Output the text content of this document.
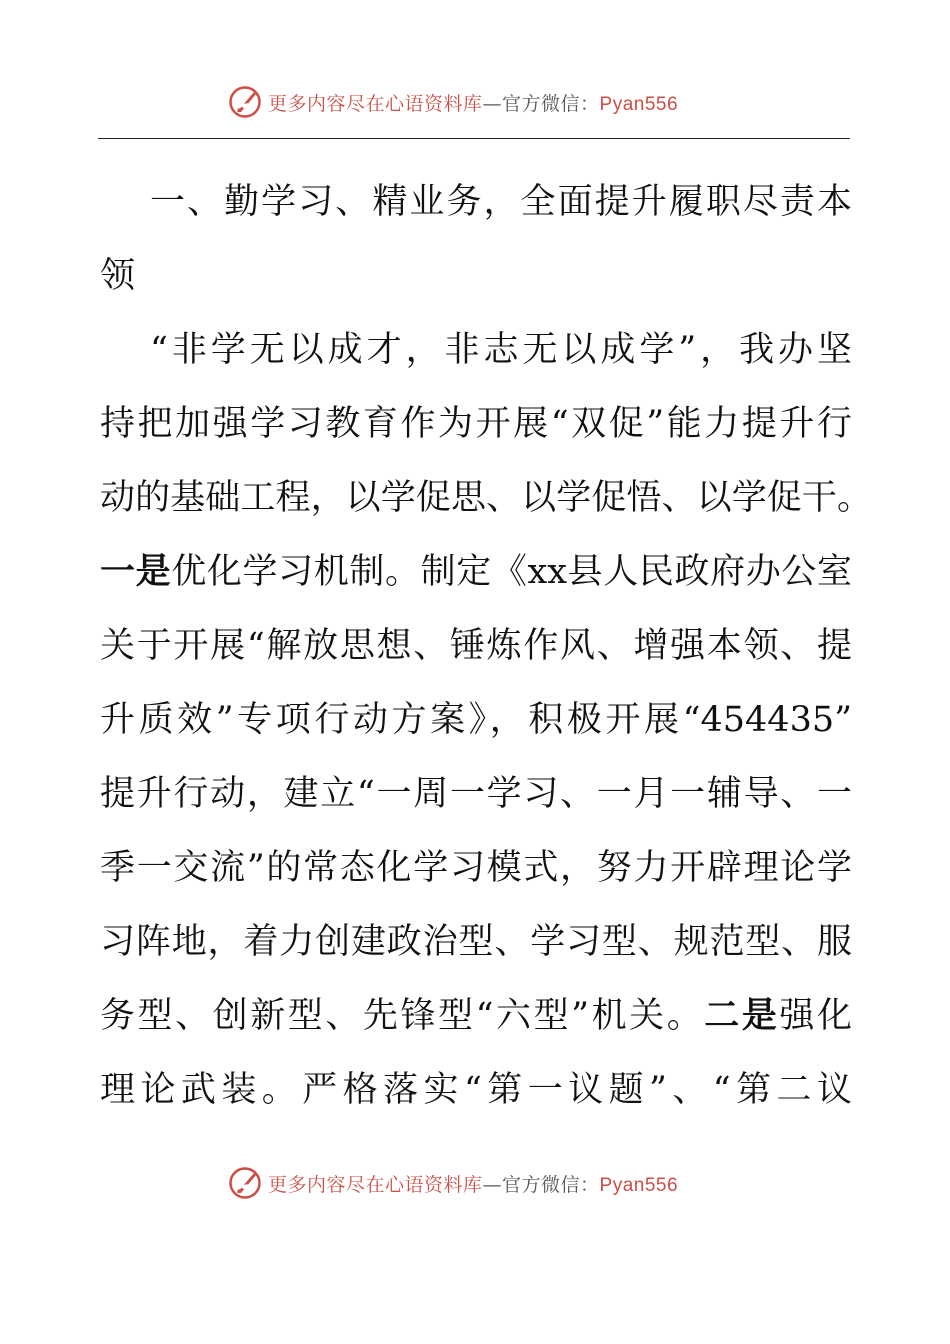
更多内容尽在心语资料库—官方微信：Pyan556
一、勤学习、精业务，全面提升履职尽责本
领
“非学无以成才，非志无以成学”，我办坚
持把加强学习教育作为开展“双促”能力提升行
动的基础工程，以学促思、以学促悟、以学促干。
一是优化学习机制。制定《xx县人民政府办公室
关于开展“解放思想、锤炼作风、增强本领、提
升质效”专项行动方案》，积极开展“454435”
提升行动，建立“一周一学习、一月一辅导、一
季一交流”的常态化学习模式，努力开辟理论学
习阵地，着力创建政治型、学习型、规范型、服
务型、创新型、先锋型“六型”机关。二是强化
理论武装。严格落实“第一议题”、“第二议
更多内容尽在心语资料库—官方微信：Pyan556
